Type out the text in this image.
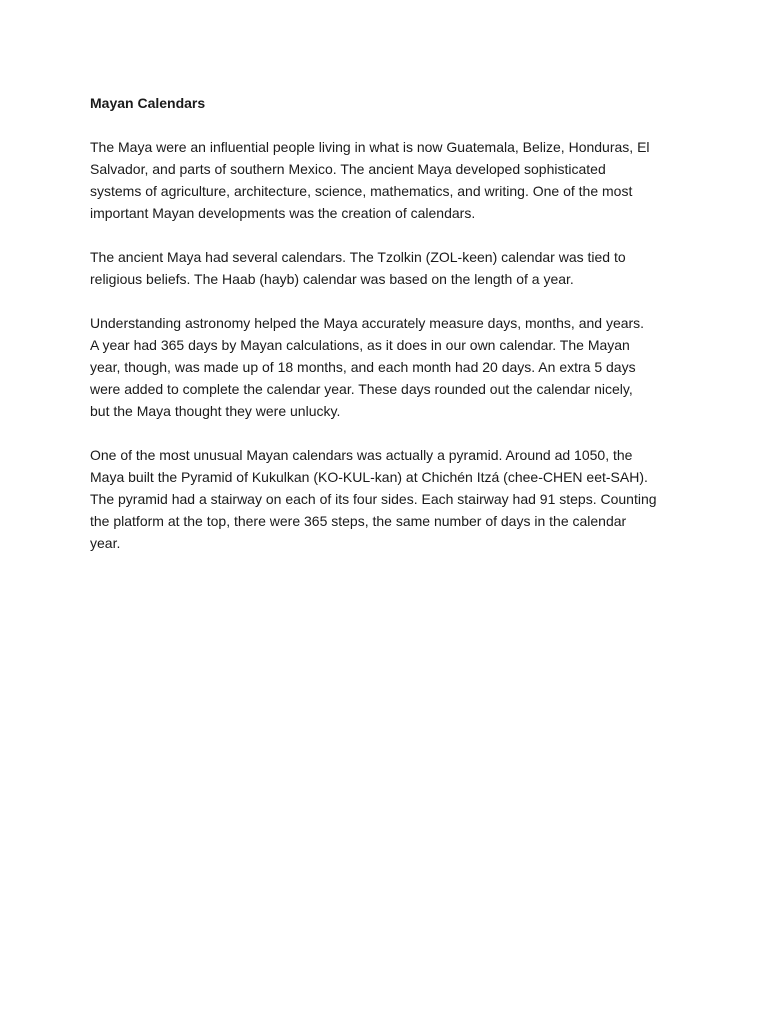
Mayan Calendars

The Maya were an influential people living in what is now Guatemala, Belize, Honduras, El
Salvador, and parts of southern Mexico. The ancient Maya developed sophisticated
systems of agriculture, architecture, science, mathematics, and writing. One of the most
important Mayan developments was the creation of calendars.

The ancient Maya had several calendars. The Tzolkin (ZOL-keen) calendar was tied to
religious beliefs. The Haab (hayb) calendar was based on the length of a year.

Understanding astronomy helped the Maya accurately measure days, months, and years.
A year had 365 days by Mayan calculations, as it does in our own calendar. The Mayan
year, though, was made up of 18 months, and each month had 20 days. An extra 5 days
were added to complete the calendar year. These days rounded out the calendar nicely,
but the Maya thought they were unlucky.

One of the most unusual Mayan calendars was actually a pyramid. Around ad 1050, the
Maya built the Pyramid of Kukulkan (KO-KUL-kan) at Chichén Itzá (chee-CHEN eet-SAH).
The pyramid had a stairway on each of its four sides. Each stairway had 91 steps. Counting
the platform at the top, there were 365 steps, the same number of days in the calendar
year.
